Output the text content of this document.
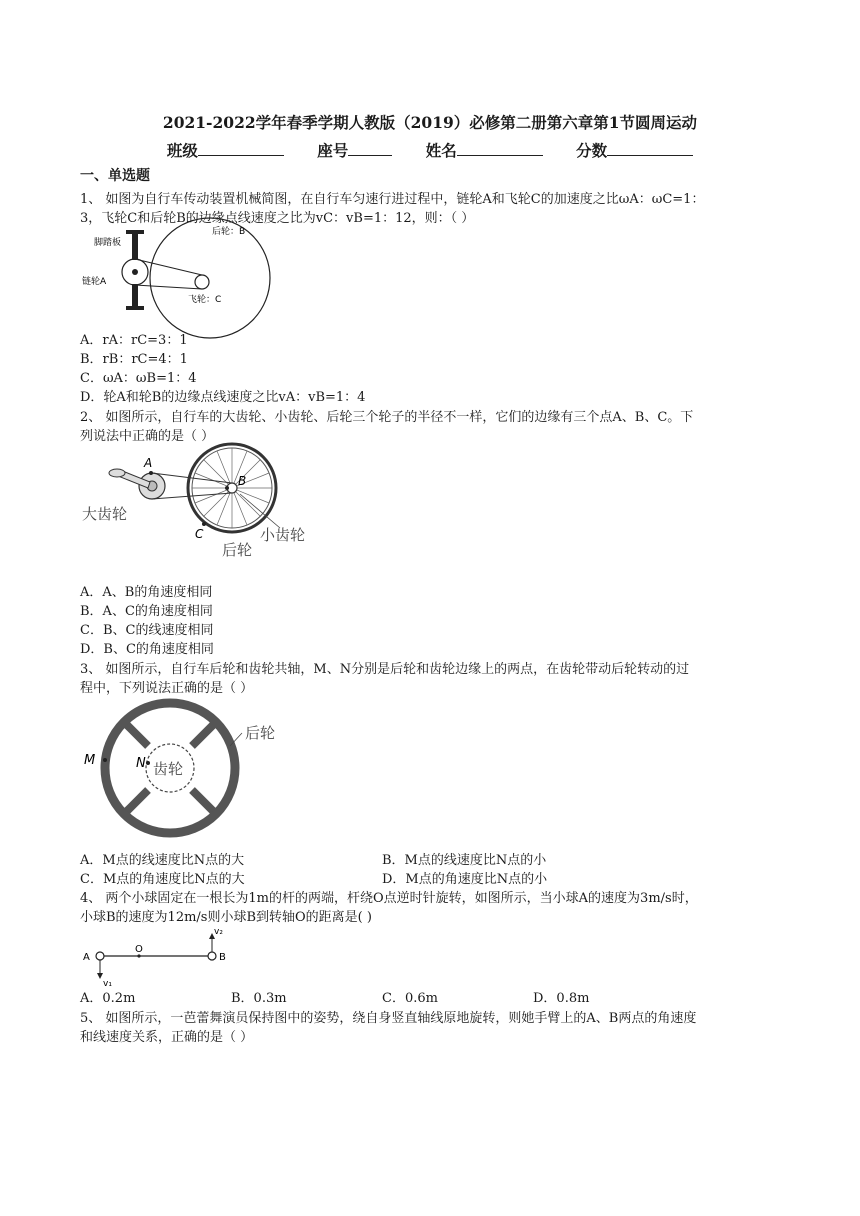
2021-2022学年春季学期人教版（2019）必修第二册第六章第1节圆周运动
班级	座号	姓名	分数
一、单选题
1、 如图为自行车传动装置机械简图，在自行车匀速行进过程中，链轮A和飞轮C的加速度之比ωA：ωC=1：
3，飞轮C和后轮B的边缘点线速度之比为vC：vB=1：12，则：（ ）
后轮：B
脚踏板
链轮A
飞轮：C
A．rA：rC=3：1
B．rB：rC=4：1
C．ωA：ωB=1：4
D．轮A和轮B的边缘点线速度之比vA：vB=1：4
2、 如图所示，自行车的大齿轮、小齿轮、后轮三个轮子的半径不一样，它们的边缘有三个点A、B、C。下
列说法中正确的是（ ）
A
B
C
大齿轮
小齿轮
后轮
A．A、B的角速度相同
B．A、C的角速度相同
C．B、C的线速度相同
D．B、C的角速度相同
3、 如图所示，自行车后轮和齿轮共轴，M、N分别是后轮和齿轮边缘上的两点，在齿轮带动后轮转动的过
程中，下列说法正确的是（ ）
M	N 齿轮
后轮
A．M点的线速度比N点的大	B．M点的线速度比N点的小
C．M点的角速度比N点的大	D．M点的角速度比N点的小
4、 两个小球固定在一根长为1m的杆的两端，杆绕O点逆时针旋转，如图所示，当小球A的速度为3m/s时，
小球B的速度为12m/s则小球B到转轴O的距离是( )
A
O
B
v₁
v₂
A．0.2m	B．0.3m	C．0.6m	D．0.8m
5、 如图所示，一芭蕾舞演员保持图中的姿势，绕自身竖直轴线原地旋转，则她手臂上的A、B两点的角速度
和线速度关系，正确的是（ ）
